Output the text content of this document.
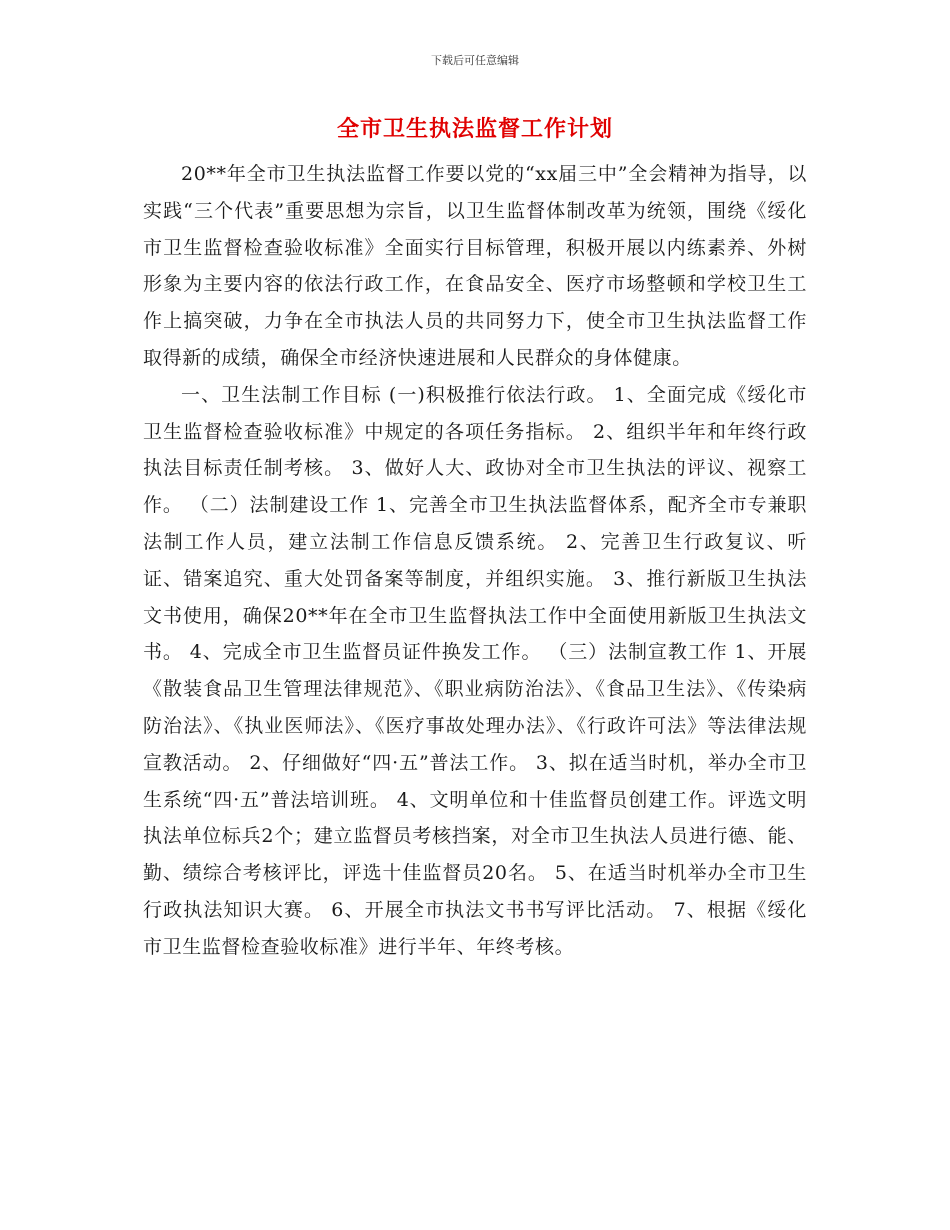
下载后可任意编辑
全市卫生执法监督工作计划

20**年全市卫生执法监督工作要以党的“xx届三中”全会精神为指导，以实践“三个代表”重要思想为宗旨，以卫生监督体制改革为统领，围绕《绥化市卫生监督检查验收标准》全面实行目标管理，积极开展以内练素养、外树形象为主要内容的依法行政工作，在食品安全、医疗市场整顿和学校卫生工作上搞突破，力争在全市执法人员的共同努力下，使全市卫生执法监督工作取得新的成绩，确保全市经济快速进展和人民群众的身体健康。

一、卫生法制工作目标 (一)积极推行依法行政。 1、全面完成《绥化市卫生监督检查验收标准》中规定的各项任务指标。 2、组织半年和年终行政执法目标责任制考核。 3、做好人大、政协对全市卫生执法的评议、视察工作。 （二）法制建设工作 1、完善全市卫生执法监督体系，配齐全市专兼职法制工作人员，建立法制工作信息反馈系统。 2、完善卫生行政复议、听证、错案追究、重大处罚备案等制度，并组织实施。 3、推行新版卫生执法文书使用，确保20**年在全市卫生监督执法工作中全面使用新版卫生执法文书。 4、完成全市卫生监督员证件换发工作。 （三）法制宣教工作 1、开展《散装食品卫生管理法律规范》、《职业病防治法》、《食品卫生法》、《传染病防治法》、《执业医师法》、《医疗事故处理办法》、《行政许可法》等法律法规宣教活动。 2、仔细做好“四·五”普法工作。 3、拟在适当时机，举办全市卫生系统“四·五”普法培训班。 4、文明单位和十佳监督员创建工作。评选文明执法单位标兵2个；建立监督员考核挡案，对全市卫生执法人员进行德、能、勤、绩综合考核评比，评选十佳监督员20名。 5、在适当时机举办全市卫生行政执法知识大赛。 6、开展全市执法文书书写评比活动。 7、根据《绥化市卫生监督检查验收标准》进行半年、年终考核。
